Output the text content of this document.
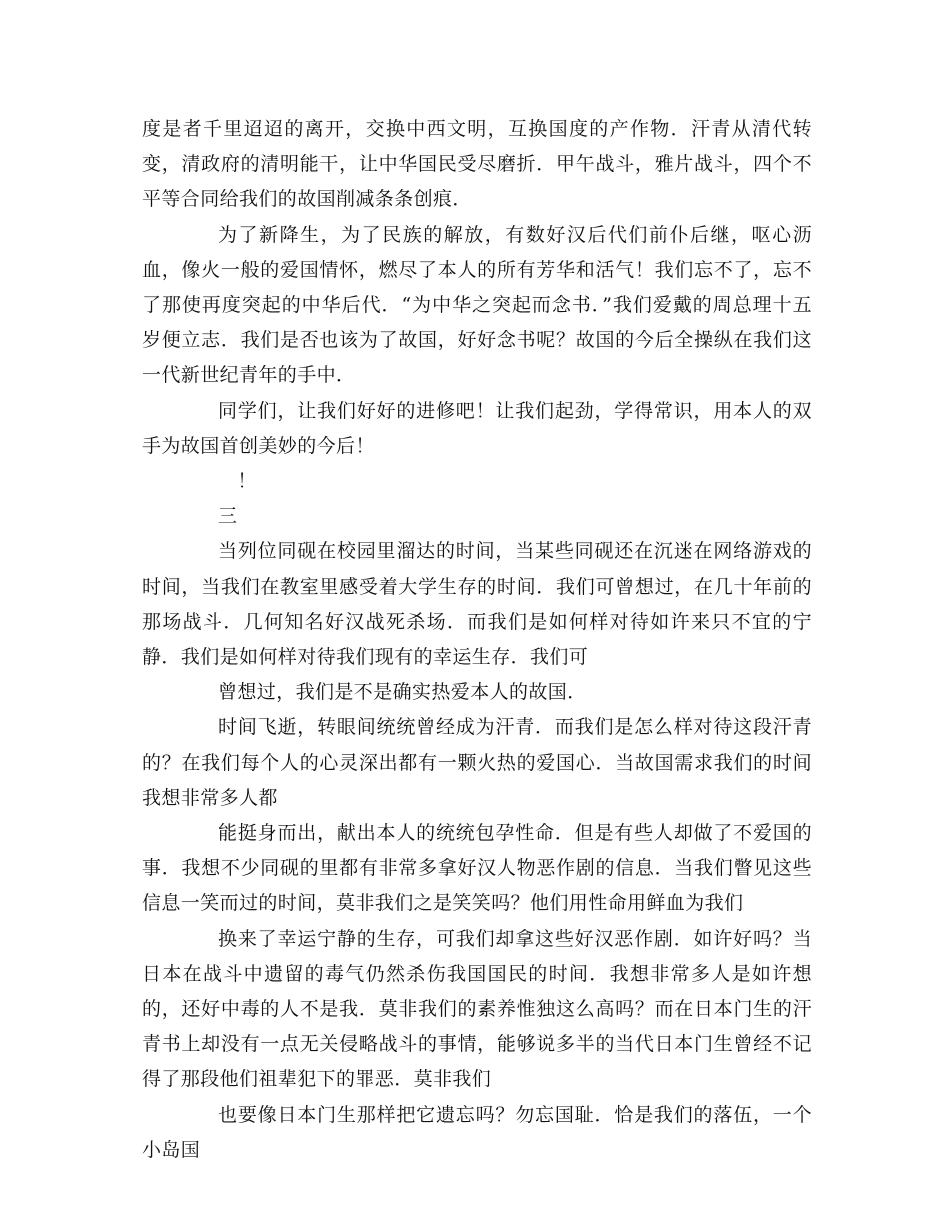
度是者千里迢迢的离开，交换中西文明，互换国度的产作物．汗青从清代转变，清政府的清明能干，让中华国民受尽磨折．甲午战斗，雅片战斗，四个不平等合同给我们的故国削减条条创痕．

为了新降生，为了民族的解放，有数好汉后代们前仆后继，呕心沥血，像火一般的爱国情怀，燃尽了本人的所有芳华和活气！我们忘不了，忘不了那使再度突起的中华后代．“为中华之突起而念书．”我们爱戴的周总理十五岁便立志．我们是否也该为了故国，好好念书呢？故国的今后全操纵在我们这一代新世纪青年的手中．

同学们，让我们好好的进修吧！让我们起劲，学得常识，用本人的双手为故国首创美妙的今后！

　！

三

当列位同砚在校园里溜达的时间，当某些同砚还在沉迷在网络游戏的时间，当我们在教室里感受着大学生存的时间．我们可曾想过，在几十年前的那场战斗．几何知名好汉战死杀场．而我们是如何样对待如许来只不宜的宁静．我们是如何样对待我们现有的幸运生存．我们可

曾想过，我们是不是确实热爱本人的故国．

时间飞逝，转眼间统统曾经成为汗青．而我们是怎么样对待这段汗青的？在我们每个人的心灵深出都有一颗火热的爱国心．当故国需求我们的时间我想非常多人都

能挺身而出，献出本人的统统包孕性命．但是有些人却做了不爱国的事．我想不少同砚的里都有非常多拿好汉人物恶作剧的信息．当我们瞥见这些信息一笑而过的时间，莫非我们之是笑笑吗？他们用性命用鲜血为我们

换来了幸运宁静的生存，可我们却拿这些好汉恶作剧．如许好吗？当日本在战斗中遗留的毒气仍然杀伤我国国民的时间．我想非常多人是如许想的，还好中毒的人不是我．莫非我们的素养惟独这么高吗？而在日本门生的汗青书上却没有一点无关侵略战斗的事情，能够说多半的当代日本门生曾经不记得了那段他们祖辈犯下的罪恶．莫非我们

也要像日本门生那样把它遗忘吗？勿忘国耻．恰是我们的落伍，一个小岛国
